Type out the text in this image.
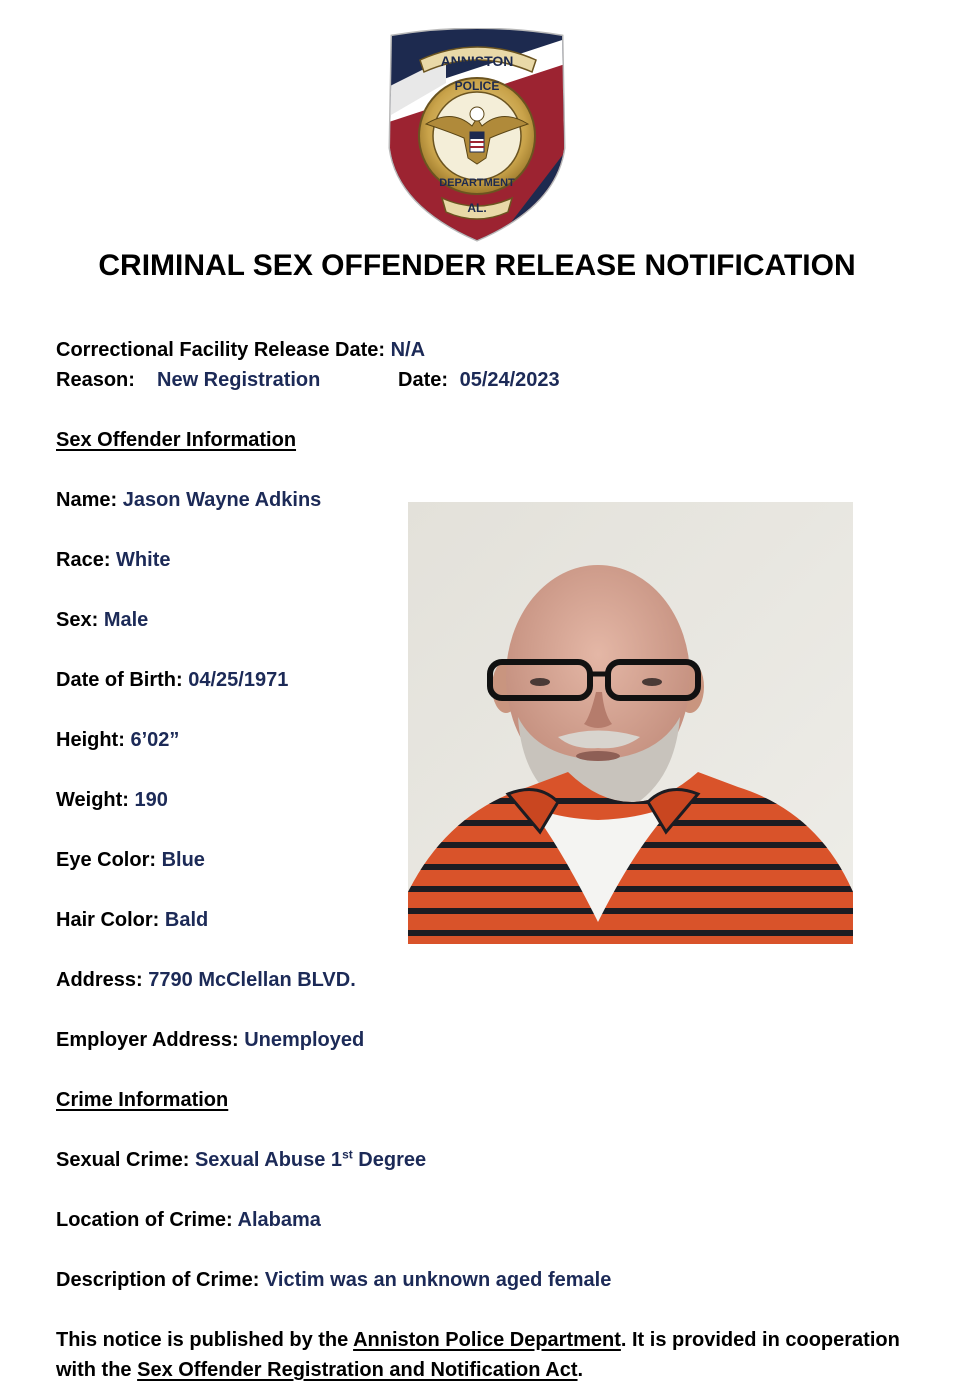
ANNISTON
POLICE
DEPARTMENT
AL.
CRIMINAL SEX OFFENDER RELEASE NOTIFICATION
Correctional Facility Release Date: N/A
Reason: New Registration	Date: 05/24/2023
Sex Offender Information
Name: Jason Wayne Adkins
Race: White
Sex: Male
Date of Birth: 04/25/1971
Height: 6’02”
Weight: 190
Eye Color: Blue
Hair Color: Bald
Address: 7790 McClellan BLVD.
Employer Address: Unemployed
Crime Information
Sexual Crime: Sexual Abuse 1st Degree
Location of Crime: Alabama
Description of Crime: Victim was an unknown aged female
This notice is published by the Anniston Police Department. It is provided in cooperation with the Sex Offender Registration and Notification Act.
